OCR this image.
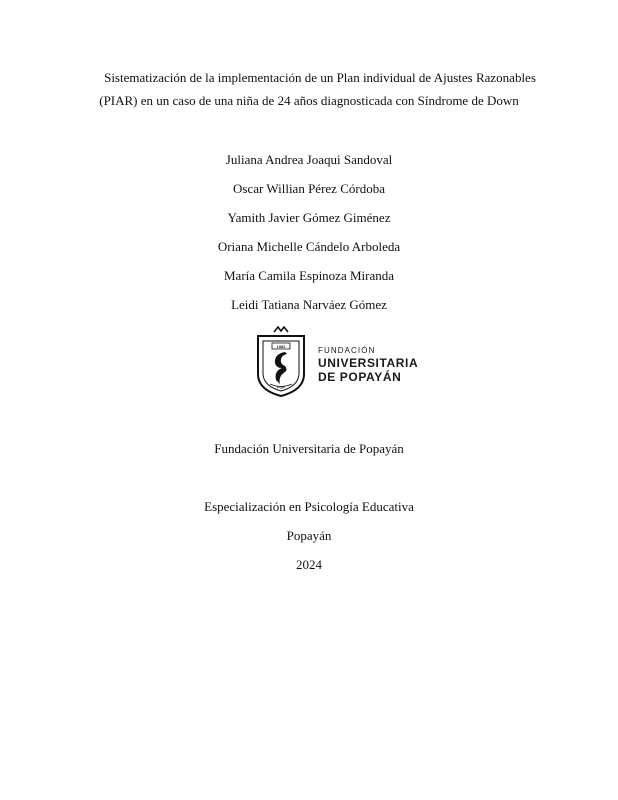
Sistematización de la implementación de un Plan individual de Ajustes Razonables
(PIAR) en un caso de una niña de 24 años diagnosticada con Síndrome de Down
Juliana Andrea Joaqui Sandoval
Oscar Willian Pérez Córdoba
Yamith Javier Gómez Giménez
Oriana Michelle Cándelo Arboleda
María Camila Espinoza Miranda
Leidi Tatiana Narváez Gómez
1982
FUP
FUNDACIÓN
UNIVERSITARIA
DE POPAYÁN
Fundación Universitaria de Popayán
Especialización en Psicología Educativa
Popayán
2024
